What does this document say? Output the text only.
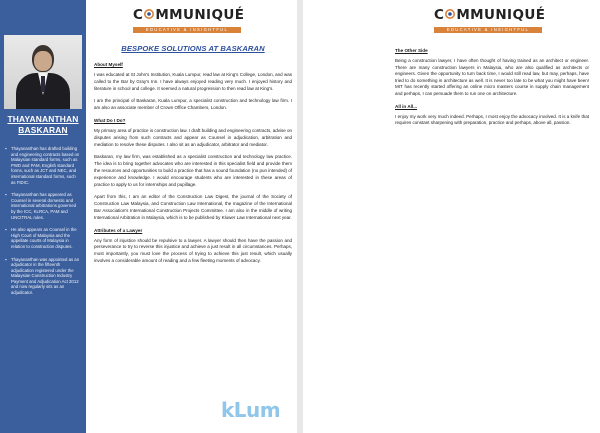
THAYANANTHAN
BASKARAN
▪ Thayananthan has drafted building and engineering contracts based on Malaysian standard forms, such as PWD and PAM, English standard forms, such as JCT and NEC, and international standard forms, such as FIDIC.
▪ Thayananthan has appeared as Counsel in several domestic and international arbitrations governed by the ICC, KLRCA, PAM and UNCITRAL rules.
▪ He also appears as Counsel in the High Court of Malaysia and the appellate courts of Malaysia in relation to construction disputes.
▪ Thayananthan was appointed as an adjudicator in the fifteenth adjudication registered under the Malaysian Construction Industry Payment and Adjudication Act 2012 and now regularly sits as an adjudicator.
C MMUNIQUÉ
EDUCATIVE & INSIGHTFUL
BESPOKE SOLUTIONS AT BASKARAN
About Myself

I was educated at St John's Institution, Kuala Lumpur, read law at King's College, London, and was called to the Bar by Gray's Inn. I have always enjoyed reading very much. I enjoyed history and literature in school and college. It seemed a natural progression to then read law at King's.

I am the principal of Baskaran, Kuala Lumpur, a specialist construction and technology law firm. I am also an associate member of Crown Office Chambers, London.

What Do I Do?

My primary area of practice is construction law. I draft building and engineering contracts, advise on disputes arising from such contracts and appear as Counsel in adjudication, arbitration and mediation to resolve these disputes. I also sit as an adjudicator, arbitrator and mediator.

Baskaran, my law firm, was established as a specialist construction and technology law practice. The idea is to bring together advocates who are interested in this specialist field and provide them the resources and opportunities to build a practice that has a sound foundation (no pun intended) of experience and knowledge. I would encourage students who are interested in these areas of practice to apply to us for internships and pupillage.

Apart from this, I am an editor of the Construction Law Digest, the journal of the Society of Construction Law Malaysia, and Construction Law International, the magazine of the International Bar Association's International Construction Projects Committee. I am also in the middle of writing International Arbitration in Malaysia, which is to be published by Kluwer Law International next year.

Attributes of a Lawyer

Any form of injustice should be repulsive to a lawyer. A lawyer should then have the passion and perseverance to try to reverse this injustice and achieve a just result in all circumstances. Perhaps, most importantly, you must love the process of trying to achieve this just result, which usually involves a considerable amount of reading and a few fleeting moments of advocacy.

kLum
C MMUNIQUÉ
EDUCATIVE & INSIGHTFUL
The Other Side

Being a construction lawyer, I have often thought of having trained as an architect or engineer. There are many construction lawyers in Malaysia, who are also qualified as architects or engineers. Given the opportunity to turn back time, I would still read law, but may, perhaps, have tried to do something in architecture as well. It is never too late to be what you might have been! MIT has recently started offering an online micro masters course in supply chain management and perhaps, I can persuade them to run one on architecture.

All in All...

I enjoy my work very much indeed. Perhaps, I most enjoy the advocacy involved. It is a knife that requires constant sharpening with preparation, practice and perhaps, above all, passion.
